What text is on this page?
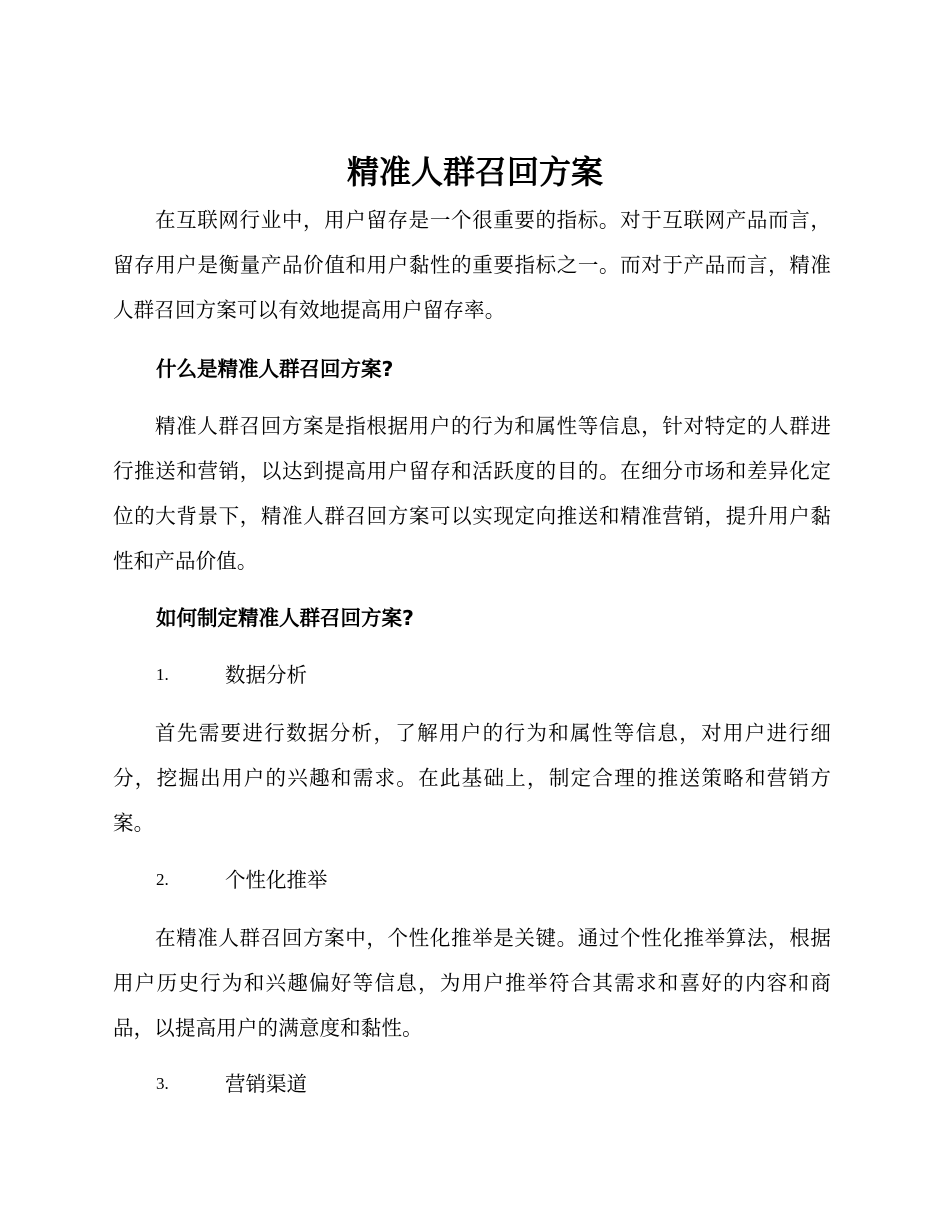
精准人群召回方案

在互联网行业中，用户留存是一个很重要的指标。对于互联网产品而言，留存用户是衡量产品价值和用户黏性的重要指标之一。而对于产品而言，精准人群召回方案可以有效地提高用户留存率。

什么是精准人群召回方案?

精准人群召回方案是指根据用户的行为和属性等信息，针对特定的人群进行推送和营销，以达到提高用户留存和活跃度的目的。在细分市场和差异化定位的大背景下，精准人群召回方案可以实现定向推送和精准营销，提升用户黏性和产品价值。

如何制定精准人群召回方案?
1.	数据分析

首先需要进行数据分析，了解用户的行为和属性等信息，对用户进行细分，挖掘出用户的兴趣和需求。在此基础上，制定合理的推送策略和营销方案。

2.	个性化推举

在精准人群召回方案中，个性化推举是关键。通过个性化推举算法，根据用户历史行为和兴趣偏好等信息，为用户推举符合其需求和喜好的内容和商品，以提高用户的满意度和黏性。

3.	营销渠道
